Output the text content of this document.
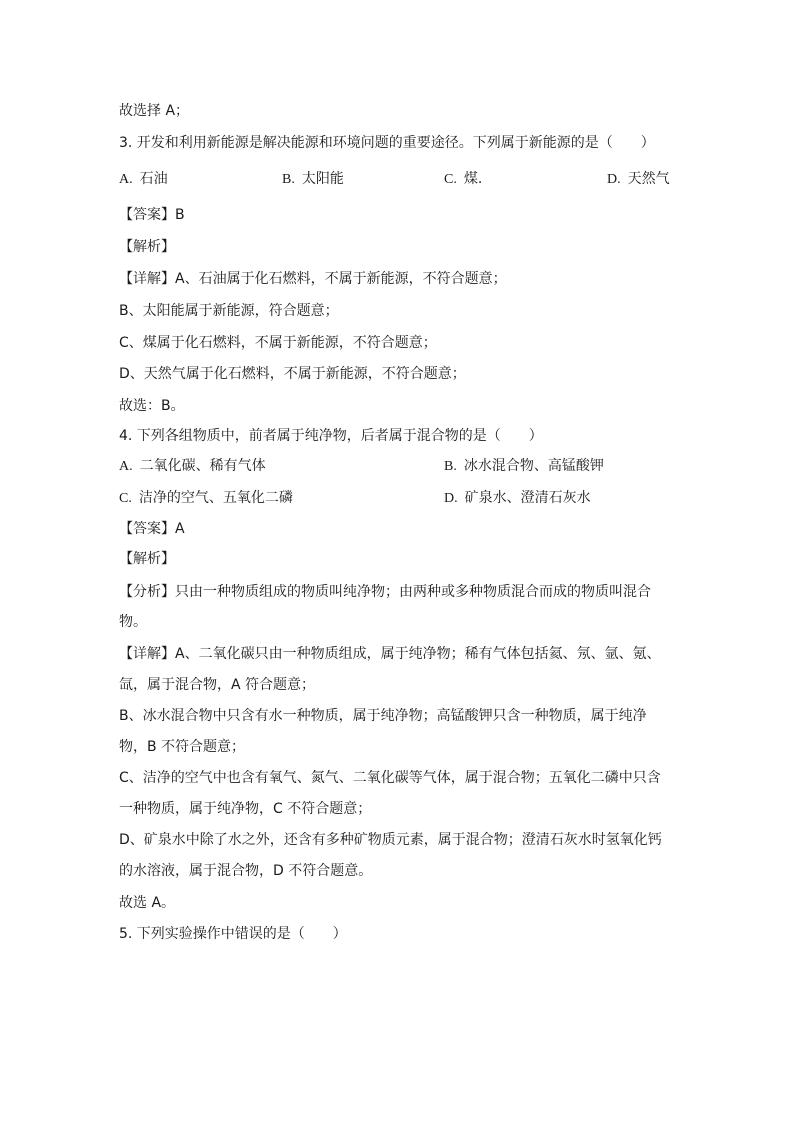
故选择 A；
3. 开发和利用新能源是解决能源和环境问题的重要途径。下列属于新能源的是（　　）
A. 石油	B. 太阳能	C. 煤.	D. 天然气
【答案】B
【解析】
【详解】A、石油属于化石燃料，不属于新能源，不符合题意；
B、太阳能属于新能源，符合题意；
C、煤属于化石燃料，不属于新能源，不符合题意；
D、天然气属于化石燃料，不属于新能源，不符合题意；
故选：B。
4. 下列各组物质中，前者属于纯净物，后者属于混合物的是（　　）
A. 二氧化碳、稀有气体	B. 冰水混合物、高锰酸钾
C. 洁净的空气、五氧化二磷	D. 矿泉水、澄清石灰水
【答案】A
【解析】
【分析】只由一种物质组成的物质叫纯净物；由两种或多种物质混合而成的物质叫混合
物。
【详解】A、二氧化碳只由一种物质组成，属于纯净物；稀有气体包括氦、氖、氩、氪、
氙，属于混合物，A 符合题意；
B、冰水混合物中只含有水一种物质，属于纯净物；高锰酸钾只含一种物质，属于纯净
物，B 不符合题意；
C、洁净的空气中也含有氧气、氮气、二氧化碳等气体，属于混合物；五氧化二磷中只含
一种物质，属于纯净物，C 不符合题意；
D、矿泉水中除了水之外，还含有多种矿物质元素，属于混合物；澄清石灰水时氢氧化钙
的水溶液，属于混合物，D 不符合题意。
故选 A。
5. 下列实验操作中错误的是（　　）
